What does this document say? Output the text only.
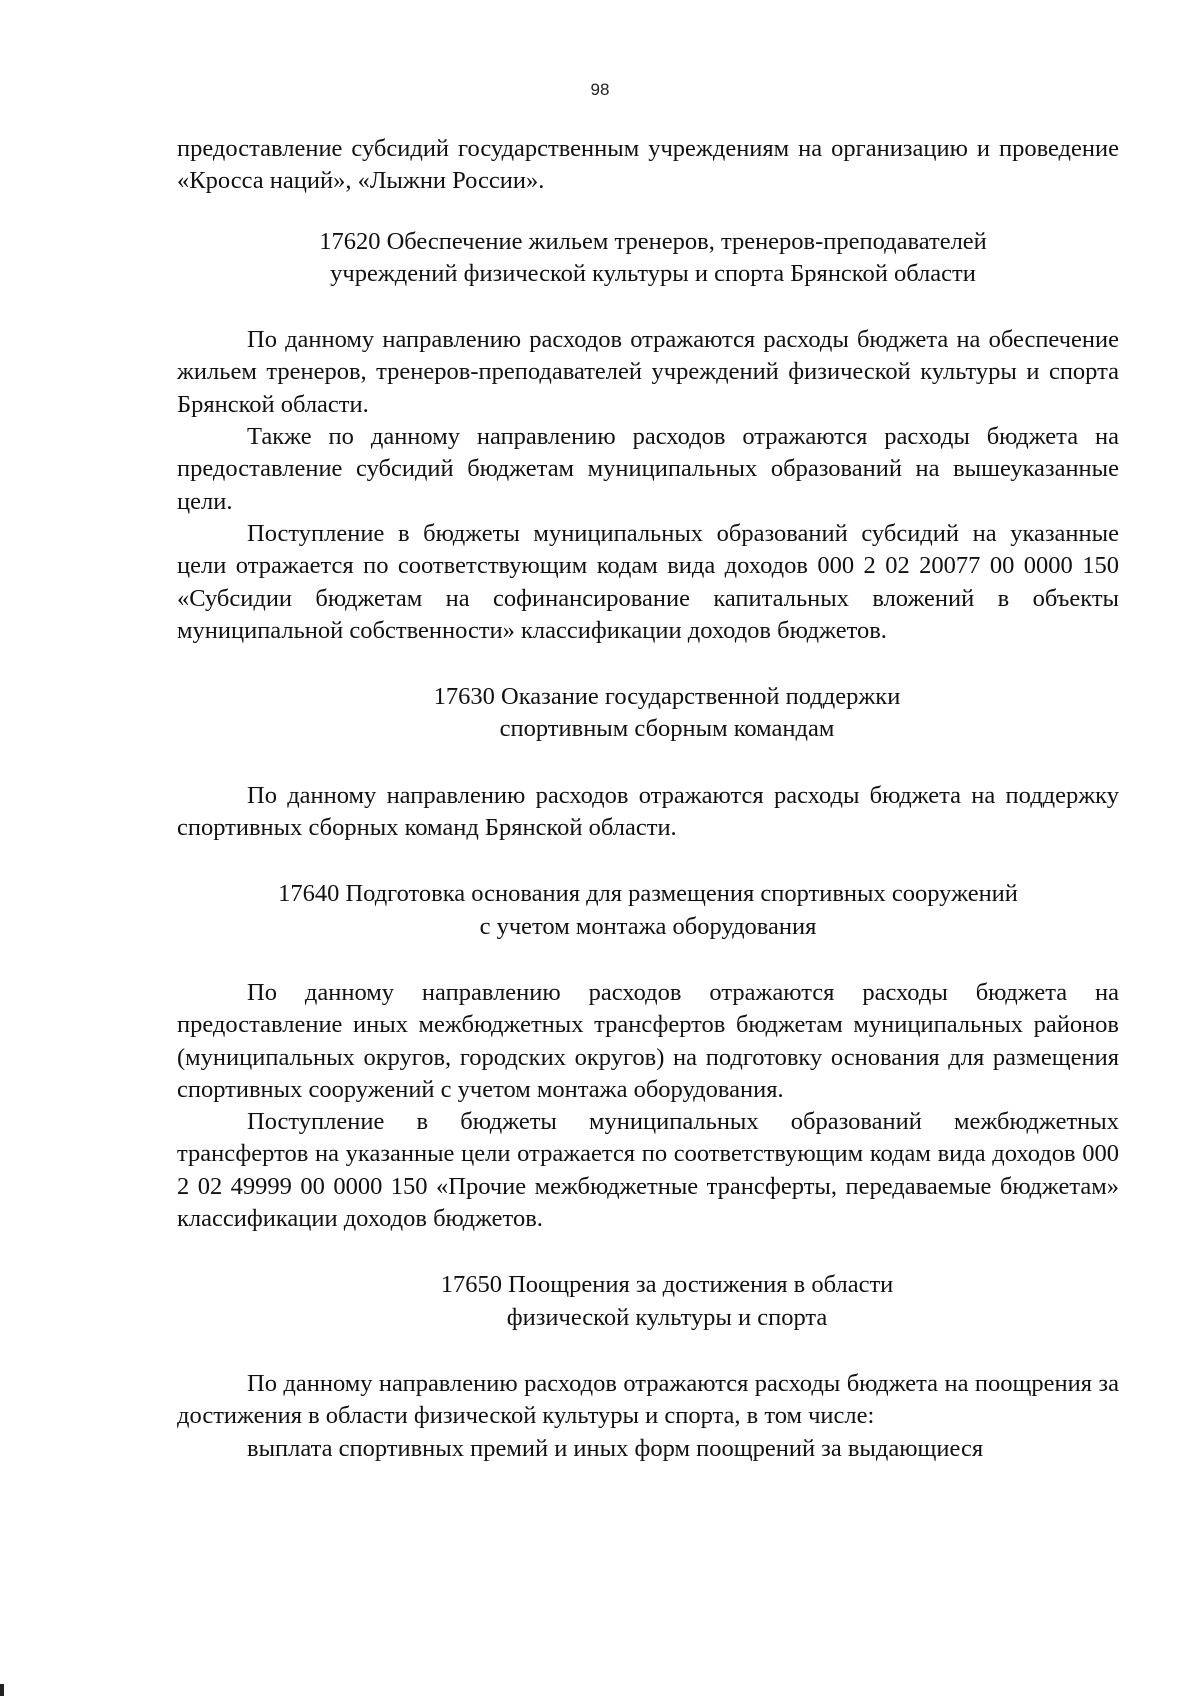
98

предоставление субсидий государственным учреждениям на организацию и проведение «Кросса наций», «Лыжни России».

17620 Обеспечение жильем тренеров, тренеров-преподавателей
учреждений физической культуры и спорта Брянской области

По данному направлению расходов отражаются расходы бюджета на обеспечение жильем тренеров, тренеров-преподавателей учреждений физической культуры и спорта Брянской области.

Также по данному направлению расходов отражаются расходы бюджета на предоставление субсидий бюджетам муниципальных образований на вышеуказанные цели.

Поступление в бюджеты муниципальных образований субсидий на указанные цели отражается по соответствующим кодам вида доходов 000 2 02 20077 00 0000 150 «Субсидии бюджетам на софинансирование капитальных вложений в объекты муниципальной собственности» классификации доходов бюджетов.

17630 Оказание государственной поддержки
спортивным сборным командам

По данному направлению расходов отражаются расходы бюджета на поддержку спортивных сборных команд Брянской области.

17640 Подготовка основания для размещения спортивных сооружений
с учетом монтажа оборудования

По данному направлению расходов отражаются расходы бюджета на предоставление иных межбюджетных трансфертов бюджетам муниципальных районов (муниципальных округов, городских округов) на подготовку основания для размещения спортивных сооружений с учетом монтажа оборудования.

Поступление в бюджеты муниципальных образований межбюджетных трансфертов на указанные цели отражается по соответствующим кодам вида доходов 000 2 02 49999 00 0000 150 «Прочие межбюджетные трансферты, передаваемые бюджетам» классификации доходов бюджетов.

17650 Поощрения за достижения в области
физической культуры и спорта

По данному направлению расходов отражаются расходы бюджета на поощрения за достижения в области физической культуры и спорта, в том числе:

выплата спортивных премий и иных форм поощрений за выдающиеся
